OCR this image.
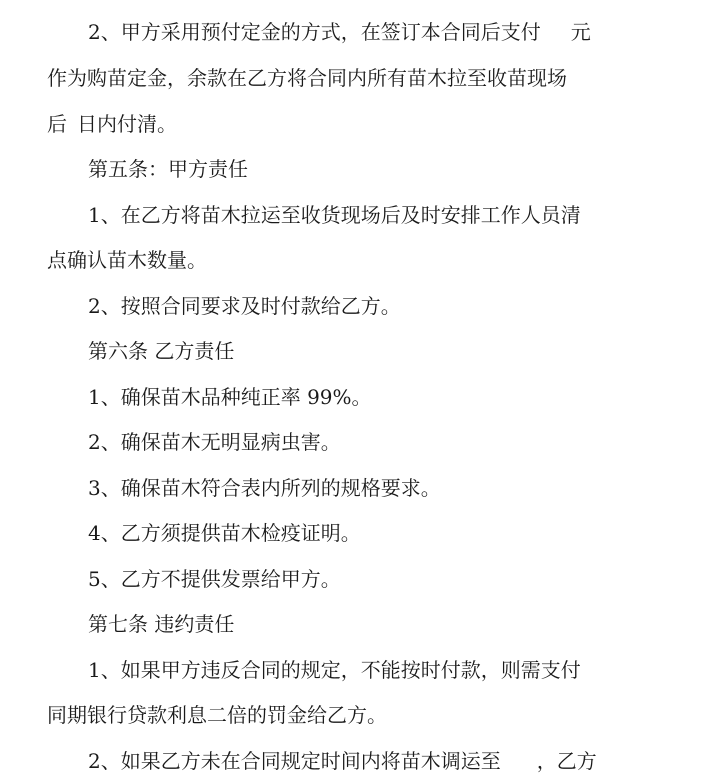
2、甲方采用预付定金的方式，在签订本合同后支付 元
作为购苗定金，余款在乙方将合同内所有苗木拉至收苗现场
后 日内付清。
第五条：甲方责任
1、在乙方将苗木拉运至收货现场后及时安排工作人员清
点确认苗木数量。
2、按照合同要求及时付款给乙方。
第六条 乙方责任
1、确保苗木品种纯正率 99%。
2、确保苗木无明显病虫害。
3、确保苗木符合表内所列的规格要求。
4、乙方须提供苗木检疫证明。
5、乙方不提供发票给甲方。
第七条 违约责任
1、如果甲方违反合同的规定，不能按时付款，则需支付
同期银行贷款利息二倍的罚金给乙方。
2、如果乙方未在合同规定时间内将苗木调运至 ，乙方
